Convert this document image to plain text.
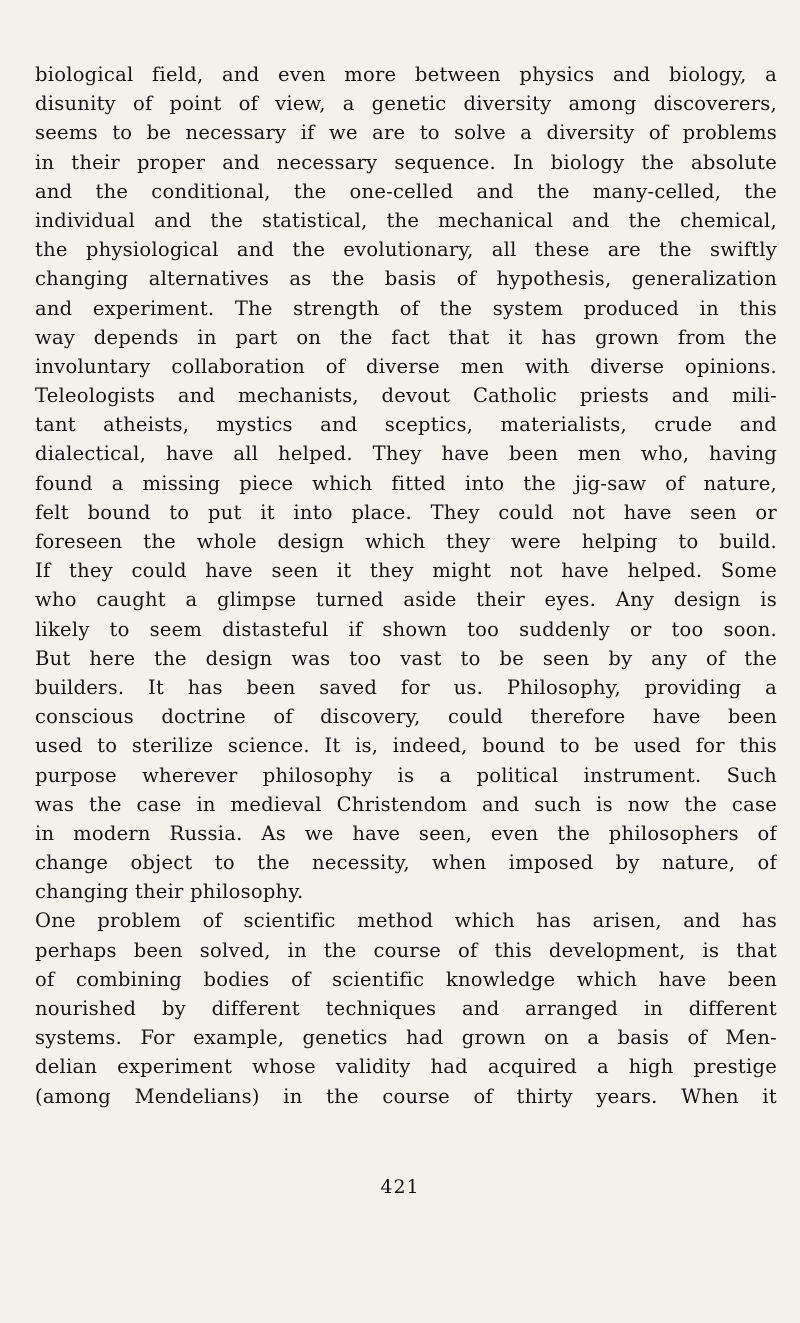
biological field, and even more between physics and biology, a
disunity of point of view, a genetic diversity among discoverers,
seems to be necessary if we are to solve a diversity of problems
in their proper and necessary sequence. In biology the absolute
and the conditional, the one-celled and the many-celled, the
individual and the statistical, the mechanical and the chemical,
the physiological and the evolutionary, all these are the swiftly
changing alternatives as the basis of hypothesis, generalization
and experiment. The strength of the system produced in this
way depends in part on the fact that it has grown from the
involuntary collaboration of diverse men with diverse opinions.
Teleologists and mechanists, devout Catholic priests and mili-
tant atheists, mystics and sceptics, materialists, crude and
dialectical, have all helped. They have been men who, having
found a missing piece which fitted into the jig-saw of nature,
felt bound to put it into place. They could not have seen or
foreseen the whole design which they were helping to build.
If they could have seen it they might not have helped. Some
who caught a glimpse turned aside their eyes. Any design is
likely to seem distasteful if shown too suddenly or too soon.
But here the design was too vast to be seen by any of the
builders. It has been saved for us. Philosophy, providing a
conscious doctrine of discovery, could therefore have been
used to sterilize science. It is, indeed, bound to be used for this
purpose wherever philosophy is a political instrument. Such
was the case in medieval Christendom and such is now the case
in modern Russia. As we have seen, even the philosophers of
change object to the necessity, when imposed by nature, of
changing their philosophy.
One problem of scientific method which has arisen, and has
perhaps been solved, in the course of this development, is that
of combining bodies of scientific knowledge which have been
nourished by different techniques and arranged in different
systems. For example, genetics had grown on a basis of Men-
delian experiment whose validity had acquired a high prestige
(among Mendelians) in the course of thirty years. When it
421
